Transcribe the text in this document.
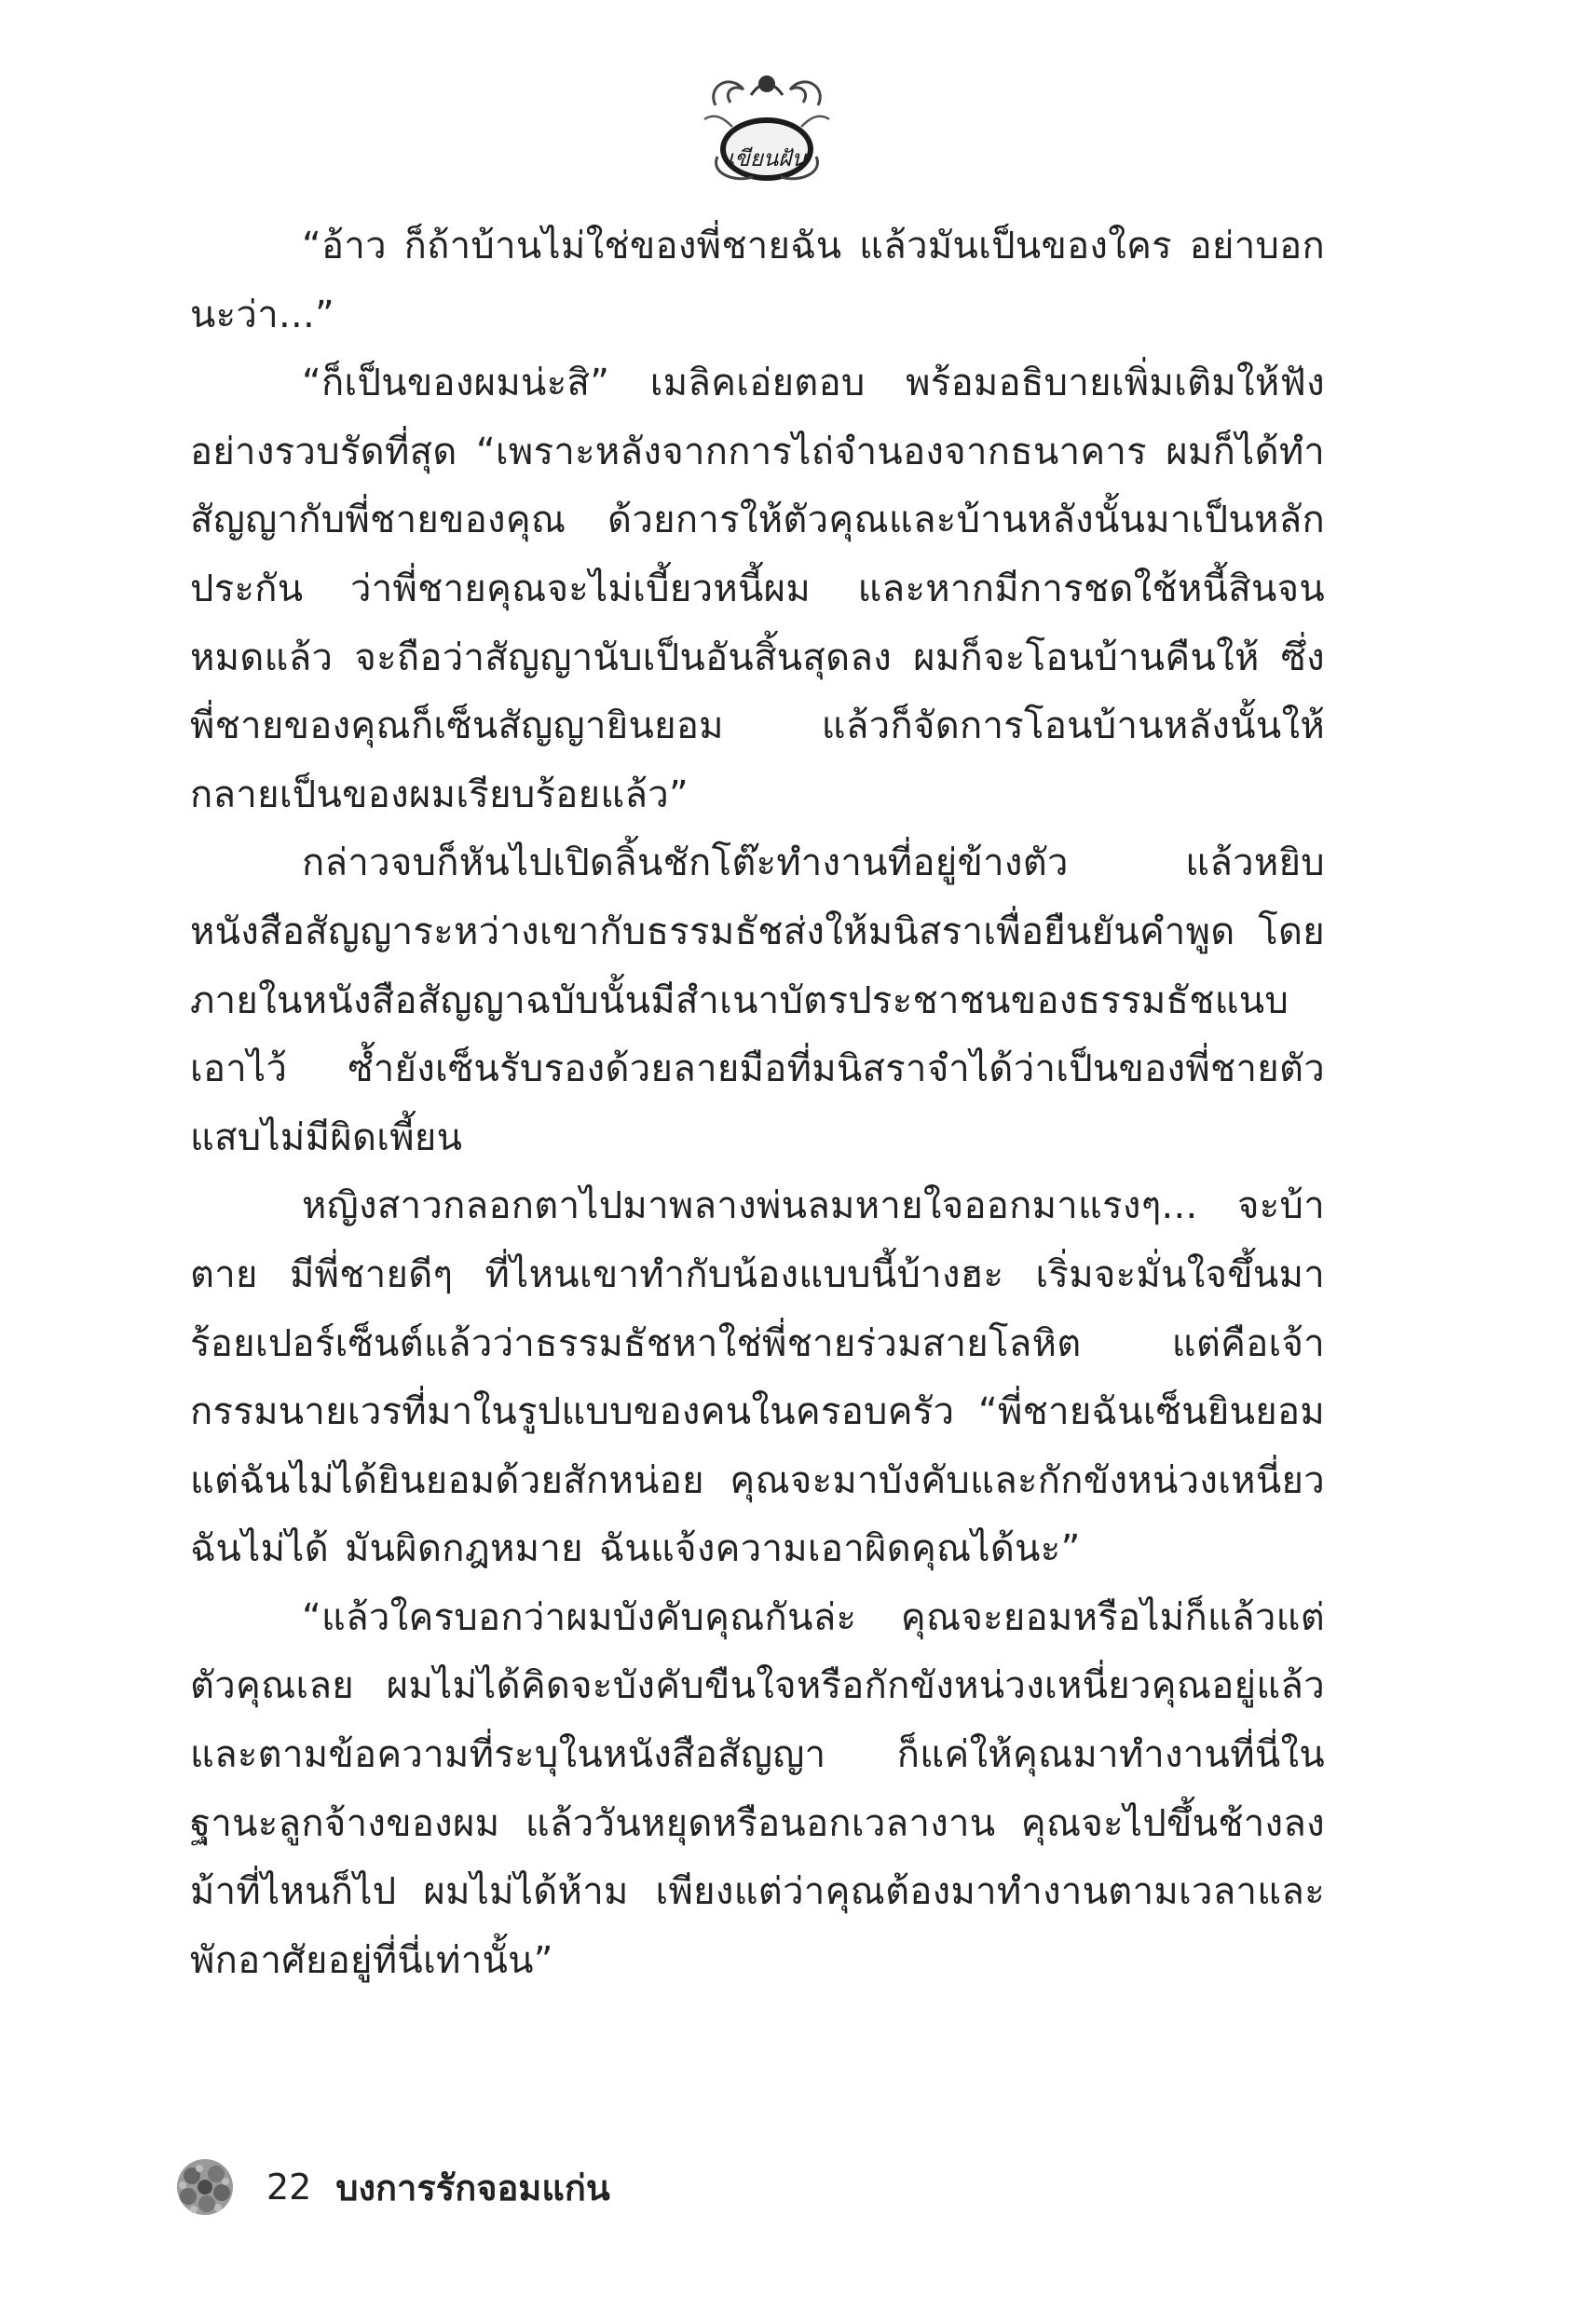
เขียนฝัน

“อ้าว ก็ถ้าบ้านไม่ใช่ของพี่ชายฉัน แล้วมันเป็นของใคร อย่าบอกนะว่า...”

“ก็เป็นของผมน่ะสิ” เมลิคเอ่ยตอบ พร้อมอธิบายเพิ่มเติมให้ฟังอย่างรวบรัดที่สุด “เพราะหลังจากการไถ่จำนองจากธนาคาร ผมก็ได้ทำสัญญากับพี่ชายของคุณ ด้วยการให้ตัวคุณและบ้านหลังนั้นมาเป็นหลักประกัน ว่าพี่ชายคุณจะไม่เบี้ยวหนี้ผม และหากมีการชดใช้หนี้สินจนหมดแล้ว จะถือว่าสัญญานับเป็นอันสิ้นสุดลง ผมก็จะโอนบ้านคืนให้ ซึ่งพี่ชายของคุณก็เซ็นสัญญายินยอม แล้วก็จัดการโอนบ้านหลังนั้นให้กลายเป็นของผมเรียบร้อยแล้ว”

กล่าวจบก็หันไปเปิดลิ้นชักโต๊ะทำงานที่อยู่ข้างตัว แล้วหยิบหนังสือสัญญาระหว่างเขากับธรรมธัชส่งให้มนิสราเพื่อยืนยันคำพูด โดยภายในหนังสือสัญญาฉบับนั้นมีสำเนาบัตรประชาชนของธรรมธัชแนบเอาไว้ ซ้ำยังเซ็นรับรองด้วยลายมือที่มนิสราจำได้ว่าเป็นของพี่ชายตัวแสบไม่มีผิดเพี้ยน

หญิงสาวกลอกตาไปมาพลางพ่นลมหายใจออกมาแรงๆ... จะบ้าตาย มีพี่ชายดีๆ ที่ไหนเขาทำกับน้องแบบนี้บ้างฮะ เริ่มจะมั่นใจขึ้นมาร้อยเปอร์เซ็นต์แล้วว่าธรรมธัชหาใช่พี่ชายร่วมสายโลหิต แต่คือเจ้ากรรมนายเวรที่มาในรูปแบบของคนในครอบครัว “พี่ชายฉันเซ็นยินยอม แต่ฉันไม่ได้ยินยอมด้วยสักหน่อย คุณจะมาบังคับและกักขังหน่วงเหนี่ยวฉันไม่ได้ มันผิดกฎหมาย ฉันแจ้งความเอาผิดคุณได้นะ”

“แล้วใครบอกว่าผมบังคับคุณกันล่ะ คุณจะยอมหรือไม่ก็แล้วแต่ตัวคุณเลย ผมไม่ได้คิดจะบังคับขืนใจหรือกักขังหน่วงเหนี่ยวคุณอยู่แล้ว และตามข้อความที่ระบุในหนังสือสัญญา ก็แค่ให้คุณมาทำงานที่นี่ในฐานะลูกจ้างของผม แล้ววันหยุดหรือนอกเวลางาน คุณจะไปขึ้นช้างลงม้าที่ไหนก็ไป ผมไม่ได้ห้าม เพียงแต่ว่าคุณต้องมาทำงานตามเวลาและพักอาศัยอยู่ที่นี่เท่านั้น”

22 บงการรักจอมแก่น
